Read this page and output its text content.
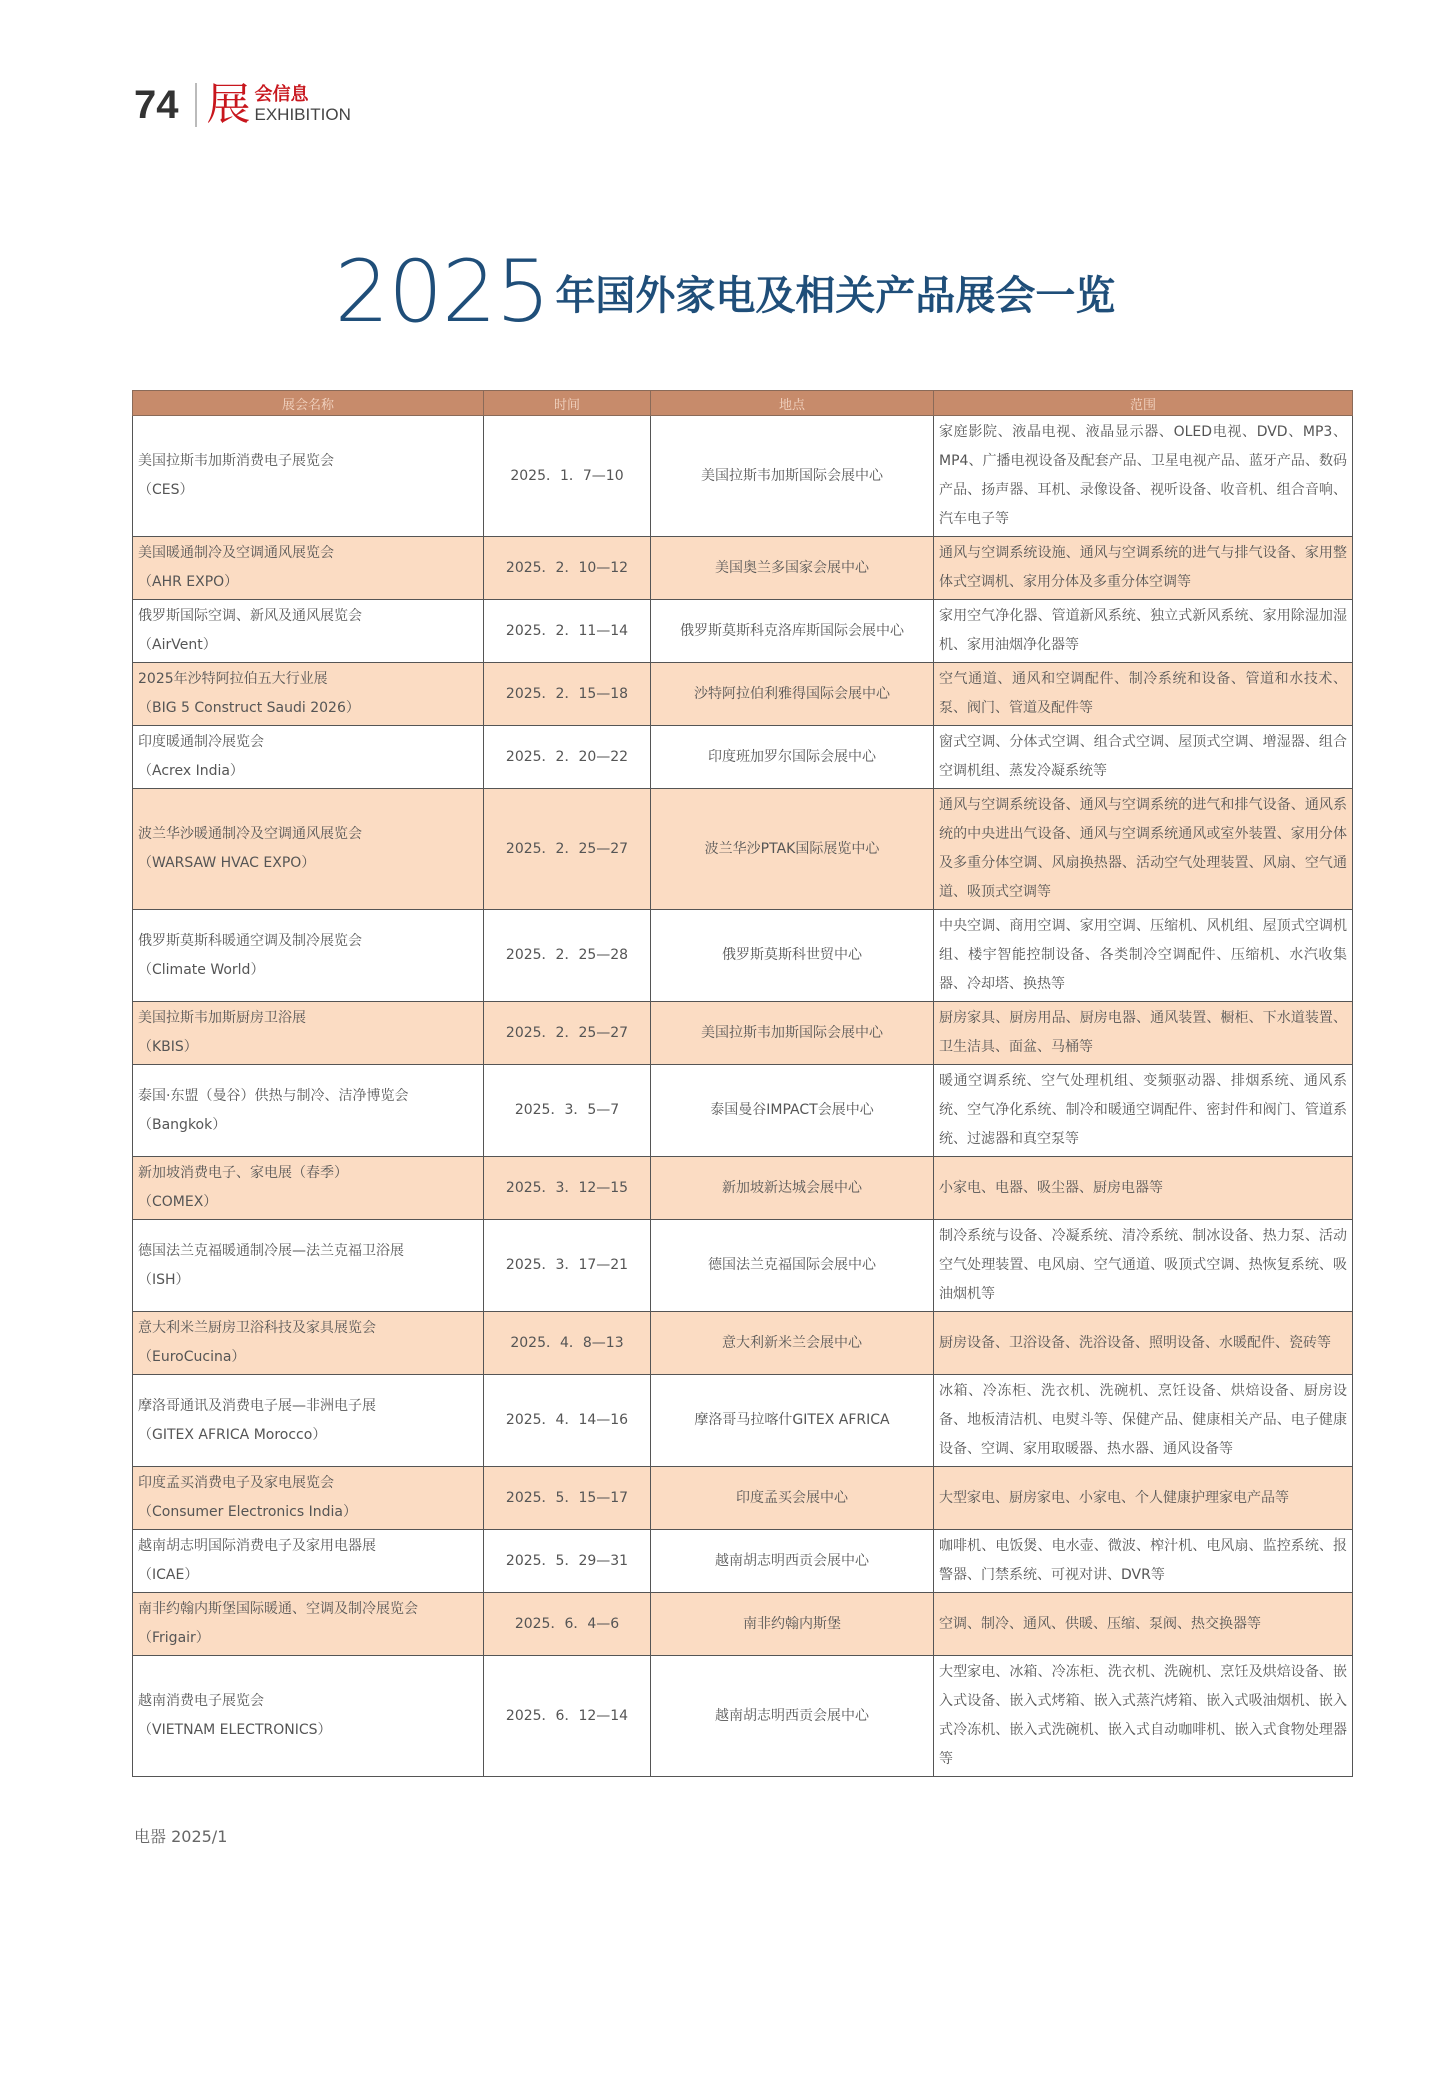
74 展 会信息
EXHIBITION
2025 年国外家电及相关产品展会一览
展会名称	时间	地点	范围

美国拉斯韦加斯消费电子展览会
（CES）	2025．1．7—10	美国拉斯韦加斯国际会展中心	家庭影院、液晶电视、液晶显示器、OLED电视、DVD、MP3、MP4、广播电视设备及配套产品、卫星电视产品、蓝牙产品、数码产品、扬声器、耳机、录像设备、视听设备、收音机、组合音响、汽车电子等

美国暖通制冷及空调通风展览会
（AHR EXPO）	2025．2．10—12	美国奥兰多国家会展中心	通风与空调系统设施、通风与空调系统的进气与排气设备、家用整体式空调机、家用分体及多重分体空调等

俄罗斯国际空调、新风及通风展览会
（AirVent）	2025．2．11—14	俄罗斯莫斯科克洛库斯国际会展中心	家用空气净化器、管道新风系统、独立式新风系统、家用除湿加湿机、家用油烟净化器等

2025年沙特阿拉伯五大行业展
（BIG 5 Construct Saudi 2026）	2025．2．15—18	沙特阿拉伯利雅得国际会展中心	空气通道、通风和空调配件、制冷系统和设备、管道和水技术、泵、阀门、管道及配件等

印度暖通制冷展览会
（Acrex India）	2025．2．20—22	印度班加罗尔国际会展中心	窗式空调、分体式空调、组合式空调、屋顶式空调、增湿器、组合空调机组、蒸发冷凝系统等

波兰华沙暖通制冷及空调通风展览会
（WARSAW HVAC EXPO）	2025．2．25—27	波兰华沙PTAK国际展览中心	通风与空调系统设备、通风与空调系统的进气和排气设备、通风系统的中央进出气设备、通风与空调系统通风或室外装置、家用分体及多重分体空调、风扇换热器、活动空气处理装置、风扇、空气通道、吸顶式空调等

俄罗斯莫斯科暖通空调及制冷展览会
（Climate World）	2025．2．25—28	俄罗斯莫斯科世贸中心	中央空调、商用空调、家用空调、压缩机、风机组、屋顶式空调机组、楼宇智能控制设备、各类制冷空调配件、压缩机、水汽收集器、冷却塔、换热等

美国拉斯韦加斯厨房卫浴展
（KBIS）	2025．2．25—27	美国拉斯韦加斯国际会展中心	厨房家具、厨房用品、厨房电器、通风装置、橱柜、下水道装置、卫生洁具、面盆、马桶等

泰国·东盟（曼谷）供热与制冷、洁净博览会
（Bangkok）	2025．3．5—7	泰国曼谷IMPACT会展中心	暖通空调系统、空气处理机组、变频驱动器、排烟系统、通风系统、空气净化系统、制冷和暖通空调配件、密封件和阀门、管道系统、过滤器和真空泵等

新加坡消费电子、家电展（春季）
（COMEX）	2025．3．12—15	新加坡新达城会展中心	小家电、电器、吸尘器、厨房电器等

德国法兰克福暖通制冷展—法兰克福卫浴展
（ISH）	2025．3．17—21	德国法兰克福国际会展中心	制冷系统与设备、冷凝系统、清冷系统、制冰设备、热力泵、活动空气处理装置、电风扇、空气通道、吸顶式空调、热恢复系统、吸油烟机等

意大利米兰厨房卫浴科技及家具展览会
（EuroCucina）	2025．4．8—13	意大利新米兰会展中心	厨房设备、卫浴设备、洗浴设备、照明设备、水暖配件、瓷砖等

摩洛哥通讯及消费电子展—非洲电子展
（GITEX AFRICA Morocco）	2025．4．14—16	摩洛哥马拉喀什GITEX AFRICA	冰箱、冷冻柜、洗衣机、洗碗机、烹饪设备、烘焙设备、厨房设备、地板清洁机、电熨斗等、保健产品、健康相关产品、电子健康设备、空调、家用取暖器、热水器、通风设备等

印度孟买消费电子及家电展览会
（Consumer Electronics India）	2025．5．15—17	印度孟买会展中心	大型家电、厨房家电、小家电、个人健康护理家电产品等

越南胡志明国际消费电子及家用电器展
（ICAE）	2025．5．29—31	越南胡志明西贡会展中心	咖啡机、电饭煲、电水壶、微波、榨汁机、电风扇、监控系统、报警器、门禁系统、可视对讲、DVR等

南非约翰内斯堡国际暖通、空调及制冷展览会
（Frigair）	2025．6．4—6	南非约翰内斯堡	空调、制冷、通风、供暖、压缩、泵阀、热交换器等

越南消费电子展览会
（VIETNAM ELECTRONICS）	2025．6．12—14	越南胡志明西贡会展中心	大型家电、冰箱、冷冻柜、洗衣机、洗碗机、烹饪及烘焙设备、嵌入式设备、嵌入式烤箱、嵌入式蒸汽烤箱、嵌入式吸油烟机、嵌入式冷冻机、嵌入式洗碗机、嵌入式自动咖啡机、嵌入式食物处理器等
电器 2025/1
